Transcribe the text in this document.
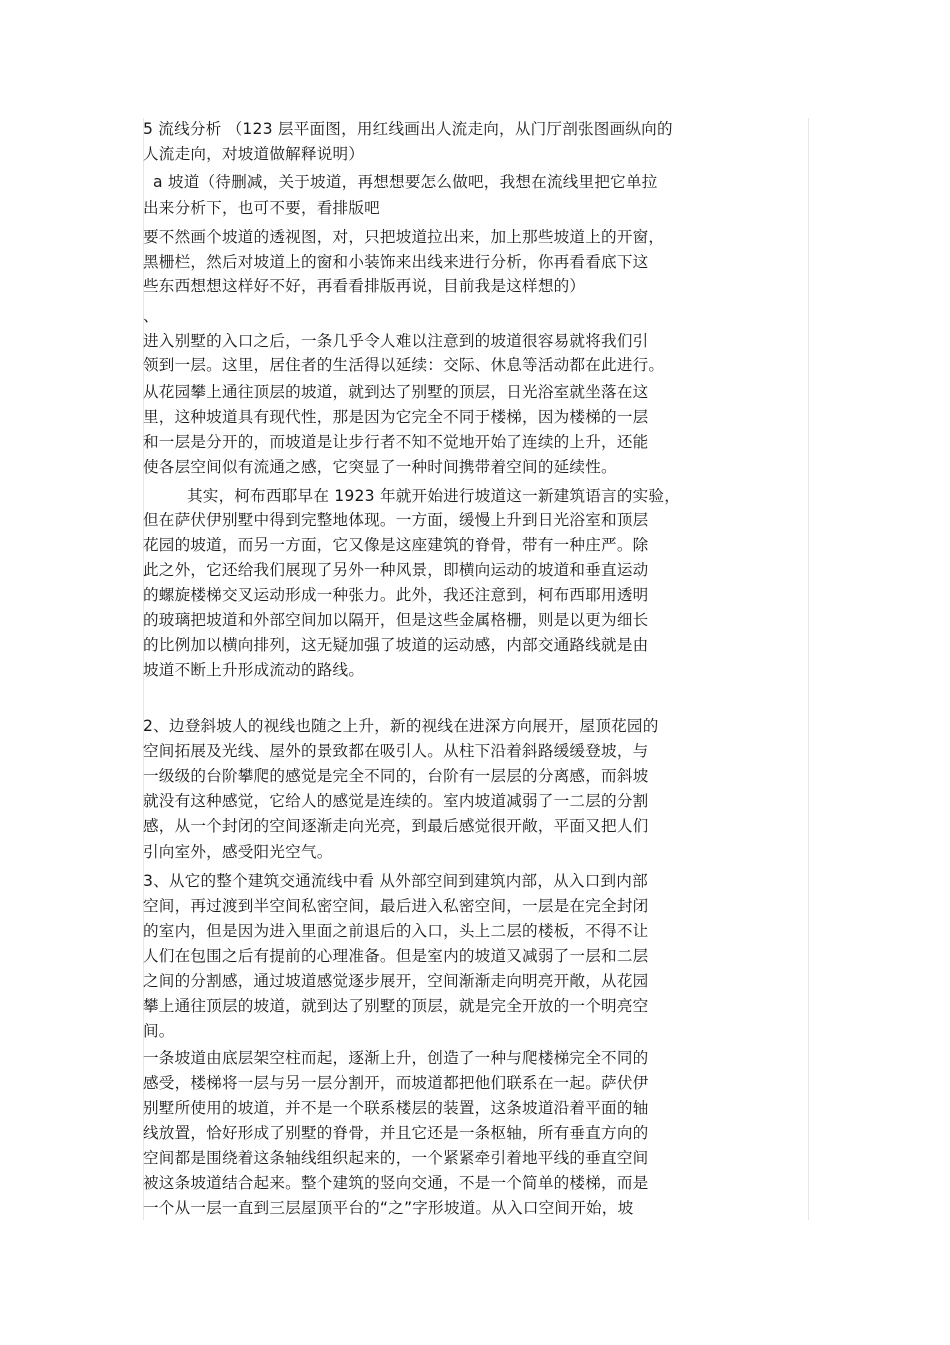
5 流线分析 （123 层平面图，用红线画出人流走向，从门厅剖张图画纵向的
人流走向，对坡道做解释说明）
a 坡道（待删减，关于坡道，再想想要怎么做吧，我想在流线里把它单拉
出来分析下，也可不要，看排版吧
要不然画个坡道的透视图，对，只把坡道拉出来，加上那些坡道上的开窗，
黑栅栏，然后对坡道上的窗和小装饰来出线来进行分析，你再看看底下这
些东西想想这样好不好，再看看排版再说，目前我是这样想的）
、
进入别墅的入口之后，一条几乎令人难以注意到的坡道很容易就将我们引
领到一层。这里，居住者的生活得以延续：交际、休息等活动都在此进行。
从花园攀上通往顶层的坡道，就到达了别墅的顶层，日光浴室就坐落在这
里，这种坡道具有现代性，那是因为它完全不同于楼梯，因为楼梯的一层
和一层是分开的，而坡道是让步行者不知不觉地开始了连续的上升，还能
使各层空间似有流通之感，它突显了一种时间携带着空间的延续性。
其实，柯布西耶早在 1923 年就开始进行坡道这一新建筑语言的实验，
但在萨伏伊别墅中得到完整地体现。一方面，缓慢上升到日光浴室和顶层
花园的坡道，而另一方面，它又像是这座建筑的脊骨，带有一种庄严。除
此之外，它还给我们展现了另外一种风景，即横向运动的坡道和垂直运动
的螺旋楼梯交叉运动形成一种张力。此外，我还注意到，柯布西耶用透明
的玻璃把坡道和外部空间加以隔开，但是这些金属格栅，则是以更为细长
的比例加以横向排列，这无疑加强了坡道的运动感，内部交通路线就是由
坡道不断上升形成流动的路线。
2、边登斜坡人的视线也随之上升，新的视线在进深方向展开，屋顶花园的
空间拓展及光线、屋外的景致都在吸引人。从柱下沿着斜路缓缓登坡，与
一级级的台阶攀爬的感觉是完全不同的，台阶有一层层的分离感，而斜坡
就没有这种感觉，它给人的感觉是连续的。室内坡道减弱了一二层的分割
感，从一个封闭的空间逐渐走向光亮，到最后感觉很开敞，平面又把人们
引向室外，感受阳光空气。
3、从它的整个建筑交通流线中看 从外部空间到建筑内部，从入口到内部
空间，再过渡到半空间私密空间，最后进入私密空间，一层是在完全封闭
的室内，但是因为进入里面之前退后的入口，头上二层的楼板，不得不让
人们在包围之后有提前的心理准备。但是室内的坡道又减弱了一层和二层
之间的分割感，通过坡道感觉逐步展开，空间渐渐走向明亮开敞，从花园
攀上通往顶层的坡道，就到达了别墅的顶层，就是完全开放的一个明亮空
间。
一条坡道由底层架空柱而起，逐渐上升，创造了一种与爬楼梯完全不同的
感受，楼梯将一层与另一层分割开，而坡道都把他们联系在一起。萨伏伊
别墅所使用的坡道，并不是一个联系楼层的装置，这条坡道沿着平面的轴
线放置，恰好形成了别墅的脊骨，并且它还是一条枢轴，所有垂直方向的
空间都是围绕着这条轴线组织起来的，一个紧紧牵引着地平线的垂直空间
被这条坡道结合起来。整个建筑的竖向交通，不是一个简单的楼梯，而是
一个从一层一直到三层屋顶平台的“之”字形坡道。从入口空间开始，坡
